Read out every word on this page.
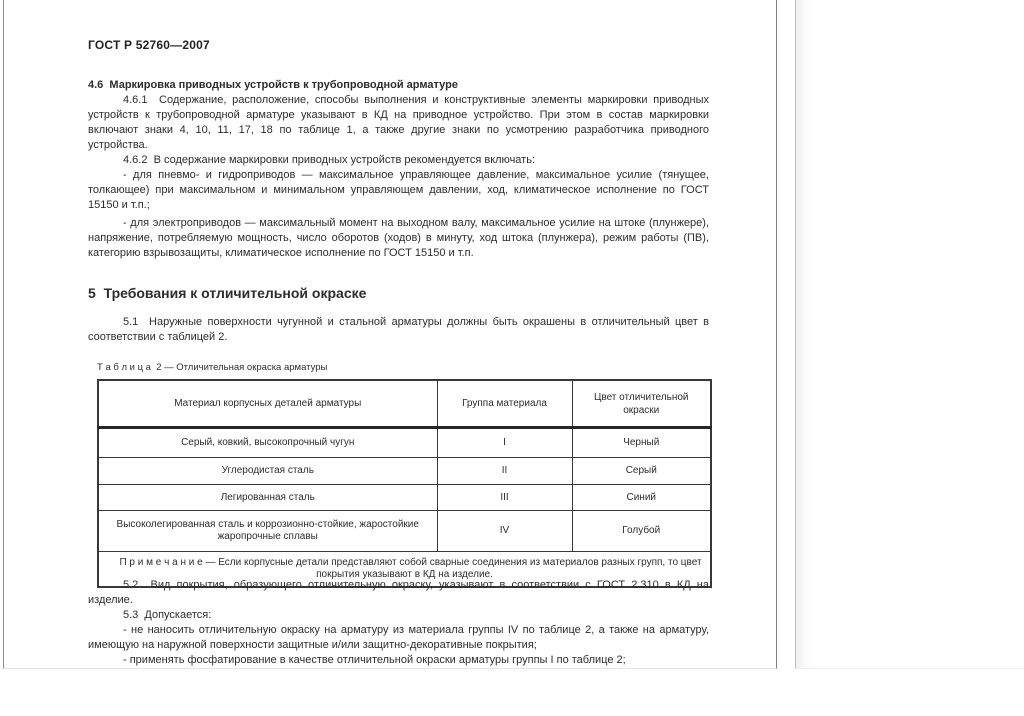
ГОСТ Р 52760—2007
4.6  Маркировка приводных устройств к трубопроводной арматуре
4.6.1  Содержание, расположение, способы выполнения и конструктивные элементы маркировки приводных устройств к трубопроводной арматуре указывают в КД на приводное устройство. При этом в состав маркировки включают знаки 4, 10, 11, 17, 18 по таблице 1, а также другие знаки по усмотрению разработчика приводного устройства.
4.6.2  В содержание маркировки приводных устройств рекомендуется включать:
- для пневмо- и гидроприводов — максимальное управляющее давление, максимальное усилие (тянущее, толкающее) при максимальном и минимальном управляющем давлении, ход, климатическое исполнение по ГОСТ 15150 и т.п.;
- для электроприводов — максимальный момент на выходном валу, максимальное усилие на штоке (плунжере), напряжение, потребляемую мощность, число оборотов (ходов) в минуту, ход штока (плунжера), режим работы (ПВ), категорию взрывозащиты, климатическое исполнение по ГОСТ 15150 и т.п.
5  Требования к отличительной окраске
5.1  Наружные поверхности чугунной и стальной арматуры должны быть окрашены в отличительный цвет в соответствии с таблицей 2.
Т а б л и ц а  2 — Отличительная окраска арматуры
Материал корпусных деталей арматуры	Группа материала	Цвет отличительной окраски
Серый, ковкий, высокопрочный чугун	I	Черный
Углеродистая сталь	II	Серый
Легированная сталь	III	Синий
Высоколегированная сталь и коррозионно-стойкие, жаростойкие жаропрочные сплавы	IV	Голубой
П р и м е ч а н и е — Если корпусные детали представляют собой сварные соединения из материалов разных групп, то цвет покрытия указывают в КД на изделие.		
5.2  Вид покрытия, образующего отличительную окраску, указывают в соответствии с ГОСТ 2.310 в КД на изделие.
5.3  Допускается:
- не наносить отличительную окраску на арматуру из материала группы IV по таблице 2, а также на арматуру, имеющую на наружной поверхности защитные и/или защитно-декоративные покрытия;
- применять фосфатирование в качестве отличительной окраски арматуры группы I по таблице 2;
